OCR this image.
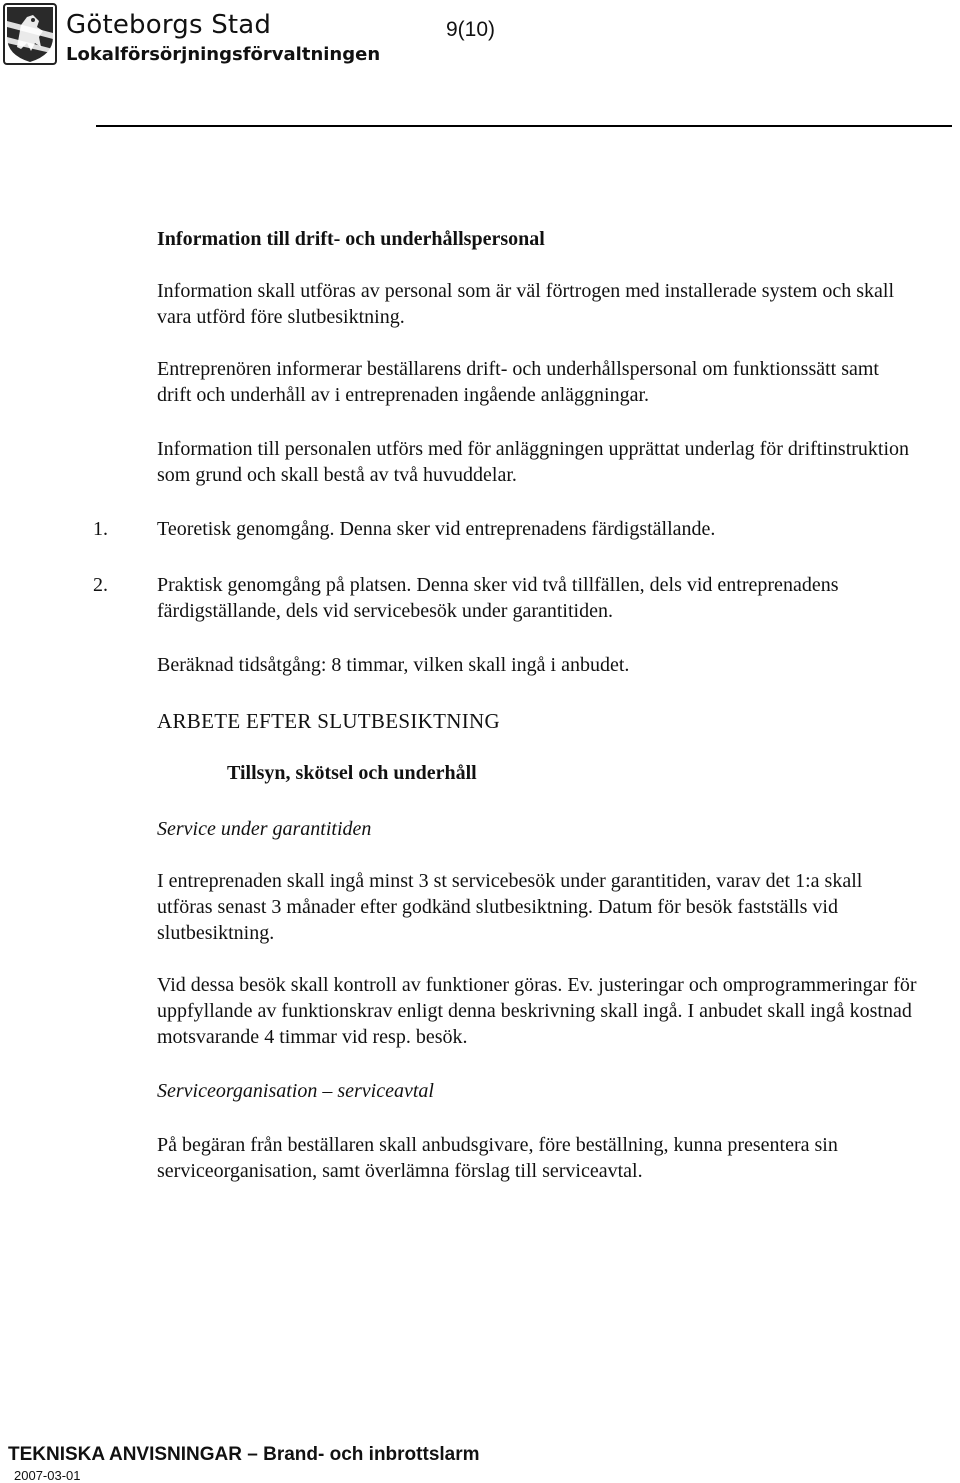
Göteborgs Stad
Lokalförsörjningsförvaltningen
9(10)

Information till drift- och underhållspersonal

Information skall utföras av personal som är väl förtrogen med installerade system och skall vara utförd före slutbesiktning.

Entreprenören informerar beställarens drift- och underhållspersonal om funktionssätt samt drift och underhåll av i entreprenaden ingående anläggningar.

Information till personalen utförs med för anläggningen upprättat underlag för driftinstruktion som grund och skall bestå av två huvuddelar.

1. Teoretisk genomgång. Denna sker vid entreprenadens färdigställande.

2. Praktisk genomgång på platsen. Denna sker vid två tillfällen, dels vid entreprenadens färdigställande, dels vid servicebesök under garantitiden.

Beräknad tidsåtgång: 8 timmar, vilken skall ingå i anbudet.

ARBETE EFTER SLUTBESIKTNING

Tillsyn, skötsel och underhåll

Service under garantitiden

I entreprenaden skall ingå minst 3 st servicebesök under garantitiden, varav det 1:a skall utföras senast 3 månader efter godkänd slutbesiktning. Datum för besök fastställs vid slutbesiktning.

Vid dessa besök skall kontroll av funktioner göras. Ev. justeringar och omprogrammeringar för uppfyllande av funktionskrav enligt denna beskrivning skall ingå. I anbudet skall ingå kostnad motsvarande 4 timmar vid resp. besök.

Serviceorganisation – serviceavtal

På begäran från beställaren skall anbudsgivare, före beställning, kunna presentera sin serviceorganisation, samt överlämna förslag till serviceavtal.

TEKNISKA ANVISNINGAR – Brand- och inbrottslarm
2007-03-01
